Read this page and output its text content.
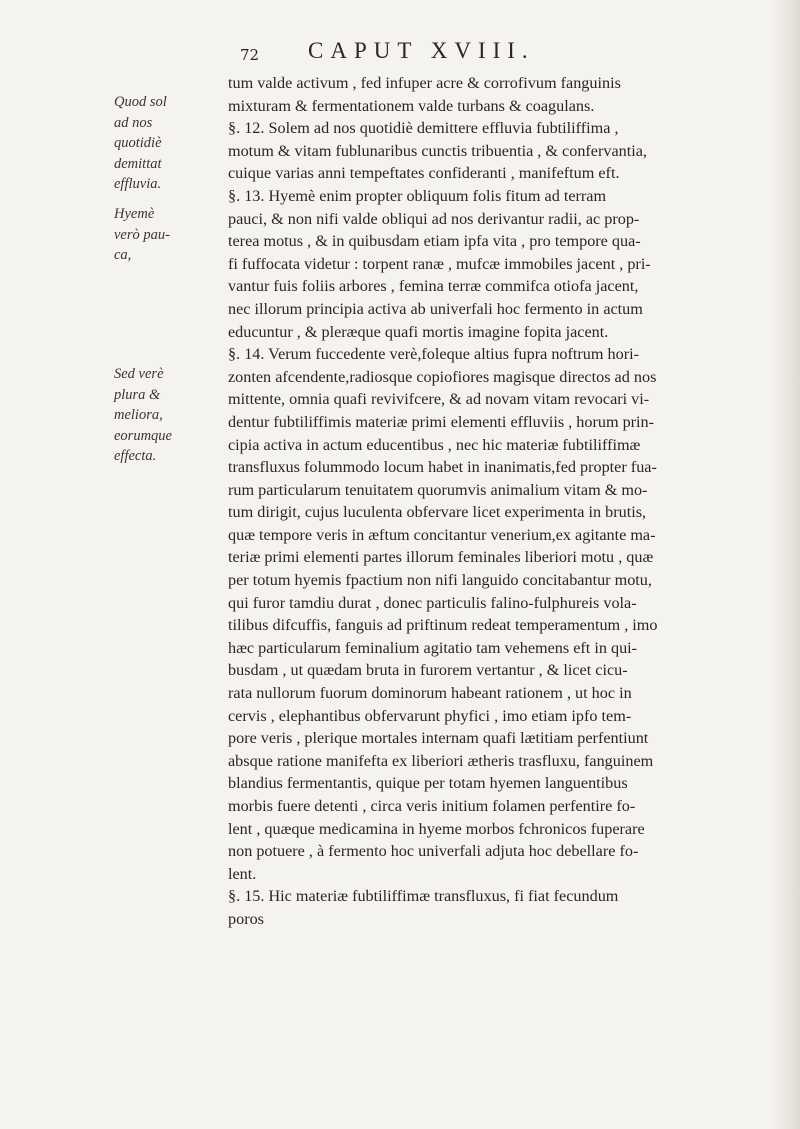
72 CAPUT XVIII.
Quod sol
ad nos
quotidiè
demittat
effluvia.
Hyemè
verò pau-
ca,
Sed verè
plura &
meliora,
eorumque
effecta.
tum valde activum , fed infuper acre & corrofivum fanguinis
mixturam & fermentationem valde turbans & coagulans.
§. 12. Solem ad nos quotidiè demittere effluvia fubtiliffima ,
motum & vitam fublunaribus cunctis tribuentia , & confervantia,
cuique varias anni tempeftates confideranti , manifeftum eft.
§. 13. Hyemè enim propter obliquum folis fitum ad terram
pauci, & non nifi valde obliqui ad nos derivantur radii, ac prop-
terea motus , & in quibusdam etiam ipfa vita , pro tempore qua-
fi fuffocata videtur : torpent ranæ , mufcæ immobiles jacent , pri-
vantur fuis foliis arbores , femina terræ commifca otiofa jacent,
nec illorum principia activa ab univerfali hoc fermento in actum
educuntur , & pleræque quafi mortis imagine fopita jacent.
§. 14. Verum fuccedente verè,foleque altius fupra noftrum hori-
zonten afcendente,radiosque copiofiores magisque directos ad nos
mittente, omnia quafi revivifcere, & ad novam vitam revocari vi-
dentur fubtiliffimis materiæ primi elementi effluviis , horum prin-
cipia activa in actum educentibus , nec hic materiæ fubtiliffimæ
transfluxus folummodo locum habet in inanimatis,fed propter fua-
rum particularum tenuitatem quorumvis animalium vitam & mo-
tum dirigit, cujus luculenta obfervare licet experimenta in brutis,
quæ tempore veris in æftum concitantur venerium,ex agitante ma-
teriæ primi elementi partes illorum feminales liberiori motu , quæ
per totum hyemis fpactium non nifi languido concitabantur motu,
qui furor tamdiu durat , donec particulis falino-fulphureis vola-
tilibus difcuffis, fanguis ad priftinum redeat temperamentum , imo
hæc particularum feminalium agitatio tam vehemens eft in qui-
busdam , ut quædam bruta in furorem vertantur , & licet cicu-
rata nullorum fuorum dominorum habeant rationem , ut hoc in
cervis , elephantibus obfervarunt phyfici , imo etiam ipfo tem-
pore veris , plerique mortales internam quafi lætitiam perfentiunt
absque ratione manifefta ex liberiori ætheris trasfluxu, fanguinem
blandius fermentantis, quique per totam hyemen languentibus
morbis fuere detenti , circa veris initium folamen perfentire fo-
lent , quæque medicamina in hyeme morbos fchronicos fuperare
non potuere , à fermento hoc univerfali adjuta hoc debellare fo-
lent.
§. 15. Hic materiæ fubtiliffimæ transfluxus, fi fiat fecundum
poros
